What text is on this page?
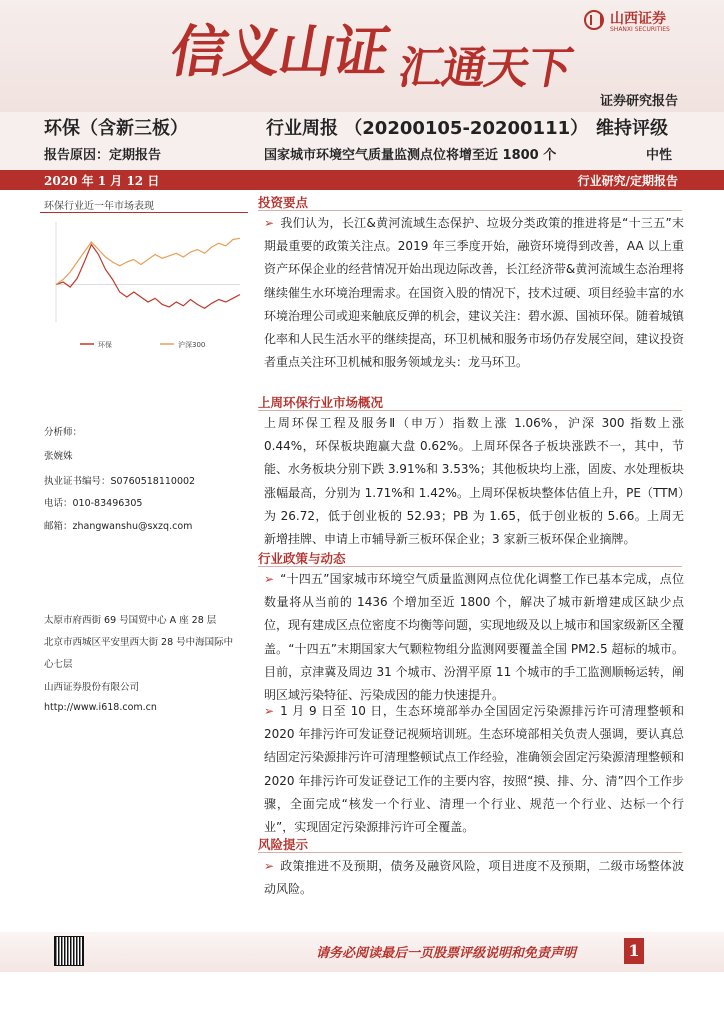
信义山证 汇通天下
山西证券
SHANXI SECURITIES
证券研究报告
环保（含新三板）	行业周报 （20200105-20200111） 维持评级
报告原因：定期报告	国家城市环境空气质量监测点位将增至近 1800 个	中性
2020 年 1 月 12 日	行业研究/定期报告
环保行业近一年市场表现
环保	沪深300
分析师：
张婉姝
执业证书编号：S0760518110002
电话：010-83496305
邮箱：zhangwanshu@sxzq.com
太原市府西街 69 号国贸中心 A 座 28 层
北京市西城区平安里西大街 28 号中海国际中
心七层
山西证券股份有限公司
http://www.i618.com.cn
投资要点

➢ 我们认为，长江&黄河流域生态保护、垃圾分类政策的推进将是“十三五”末期最重要的政策关注点。2019 年三季度开始，融资环境得到改善，AA 以上重资产环保企业的经营情况开始出现边际改善，长江经济带&黄河流域生态治理将继续催生水环境治理需求。在国资入股的情况下，技术过硬、项目经验丰富的水环境治理公司或迎来触底反弹的机会，建议关注：碧水源、国祯环保。随着城镇化率和人民生活水平的继续提高，环卫机械和服务市场仍存发展空间，建议投资者重点关注环卫机械和服务领域龙头：龙马环卫。

上周环保行业市场概况

上周环保工程及服务Ⅱ（申万）指数上涨 1.06%，沪深 300 指数上涨 0.44%，环保板块跑赢大盘 0.62%。上周环保各子板块涨跌不一，其中，节能、水务板块分别下跌 3.91%和 3.53%；其他板块均上涨，固废、水处理板块涨幅最高，分别为 1.71%和 1.42%。上周环保板块整体估值上升，PE（TTM）为 26.72，低于创业板的 52.93；PB 为 1.65，低于创业板的 5.66。上周无新增挂牌、申请上市辅导新三板环保企业；3 家新三板环保企业摘牌。

行业政策与动态

➢ “十四五”国家城市环境空气质量监测网点位优化调整工作已基本完成，点位数量将从当前的 1436 个增加至近 1800 个，解决了城市新增建成区缺少点位，现有建成区点位密度不均衡等问题，实现地级及以上城市和国家级新区全覆盖。“十四五”末期国家大气颗粒物组分监测网要覆盖全国 PM2.5 超标的城市。目前，京津冀及周边 31 个城市、汾渭平原 11 个城市的手工监测顺畅运转，阐明区域污染特征、污染成因的能力快速提升。

➢ 1 月 9 日至 10 日，生态环境部举办全国固定污染源排污许可清理整顿和 2020 年排污许可发证登记视频培训班。生态环境部相关负责人强调，要认真总结固定污染源排污许可清理整顿试点工作经验，准确领会固定污染源清理整顿和 2020 年排污许可发证登记工作的主要内容，按照“摸、排、分、清”四个工作步骤，全面完成“核发一个行业、清理一个行业、规范一个行业、达标一个行业”，实现固定污染源排污许可全覆盖。

风险提示

➢ 政策推进不及预期，债务及融资风险，项目进度不及预期，二级市场整体波动风险。

请务必阅读最后一页股票评级说明和免责声明	1
